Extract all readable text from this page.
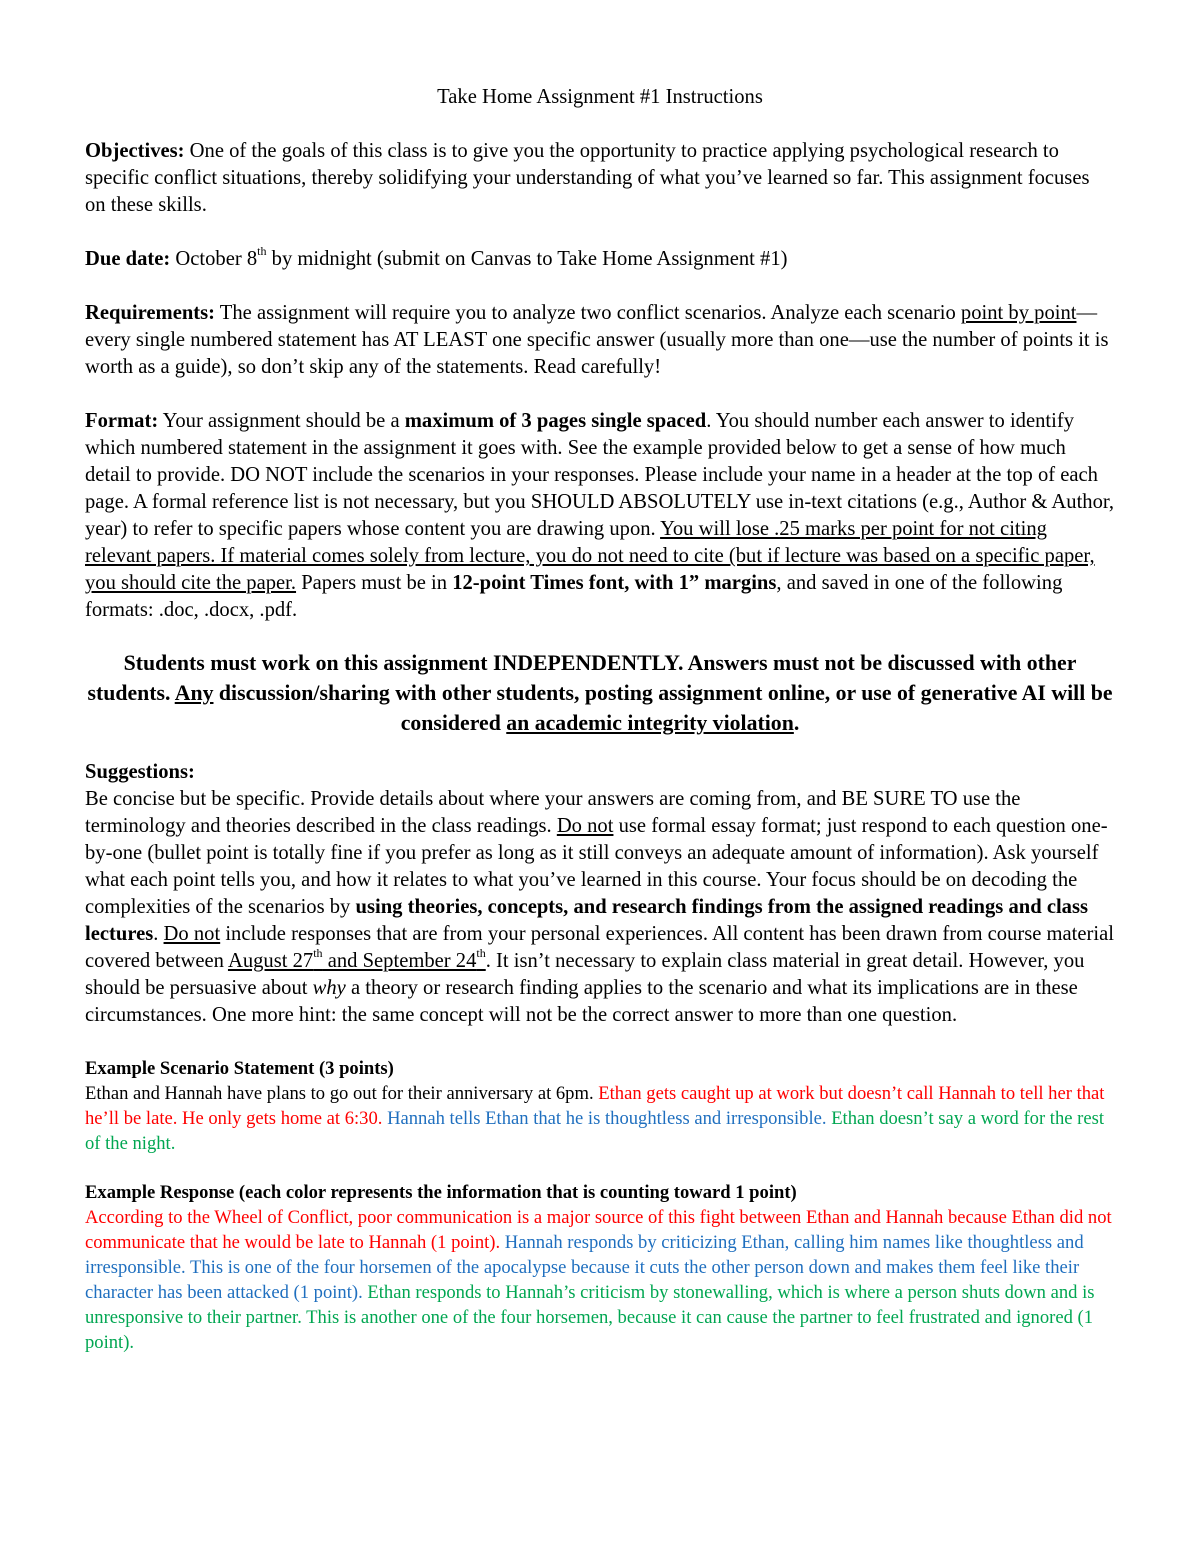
Take Home Assignment #1 Instructions

Objectives: One of the goals of this class is to give you the opportunity to practice applying psychological research to specific conflict situations, thereby solidifying your understanding of what you’ve learned so far. This assignment focuses on these skills.

Due date: October 8th by midnight (submit on Canvas to Take Home Assignment #1)

Requirements: The assignment will require you to analyze two conflict scenarios. Analyze each scenario point by point—every single numbered statement has AT LEAST one specific answer (usually more than one—use the number of points it is worth as a guide), so don’t skip any of the statements. Read carefully!

Format: Your assignment should be a maximum of 3 pages single spaced. You should number each answer to identify which numbered statement in the assignment it goes with. See the example provided below to get a sense of how much detail to provide. DO NOT include the scenarios in your responses. Please include your name in a header at the top of each page. A formal reference list is not necessary, but you SHOULD ABSOLUTELY use in-text citations (e.g., Author & Author, year) to refer to specific papers whose content you are drawing upon. You will lose .25 marks per point for not citing relevant papers. If material comes solely from lecture, you do not need to cite (but if lecture was based on a specific paper, you should cite the paper. Papers must be in 12-point Times font, with 1” margins, and saved in one of the following formats: .doc, .docx, .pdf.

Students must work on this assignment INDEPENDENTLY. Answers must not be discussed with other students. Any discussion/sharing with other students, posting assignment online, or use of generative AI will be considered an academic integrity violation.
Suggestions:

Be concise but be specific. Provide details about where your answers are coming from, and BE SURE TO use the terminology and theories described in the class readings. Do not use formal essay format; just respond to each question one-by-one (bullet point is totally fine if you prefer as long as it still conveys an adequate amount of information). Ask yourself what each point tells you, and how it relates to what you’ve learned in this course. Your focus should be on decoding the complexities of the scenarios by using theories, concepts, and research findings from the assigned readings and class lectures. Do not include responses that are from your personal experiences. All content has been drawn from course material covered between August 27th and September 24th. It isn’t necessary to explain class material in great detail. However, you should be persuasive about why a theory or research finding applies to the scenario and what its implications are in these circumstances. One more hint: the same concept will not be the correct answer to more than one question.

Example Scenario Statement (3 points)
Ethan and Hannah have plans to go out for their anniversary at 6pm. Ethan gets caught up at work but doesn’t call Hannah to tell her that he’ll be late. He only gets home at 6:30. Hannah tells Ethan that he is thoughtless and irresponsible. Ethan doesn’t say a word for the rest of the night.
Example Response (each color represents the information that is counting toward 1 point)
According to the Wheel of Conflict, poor communication is a major source of this fight between Ethan and Hannah because Ethan did not communicate that he would be late to Hannah (1 point). Hannah responds by criticizing Ethan, calling him names like thoughtless and irresponsible. This is one of the four horsemen of the apocalypse because it cuts the other person down and makes them feel like their character has been attacked (1 point). Ethan responds to Hannah’s criticism by stonewalling, which is where a person shuts down and is unresponsive to their partner. This is another one of the four horsemen, because it can cause the partner to feel frustrated and ignored (1 point).
